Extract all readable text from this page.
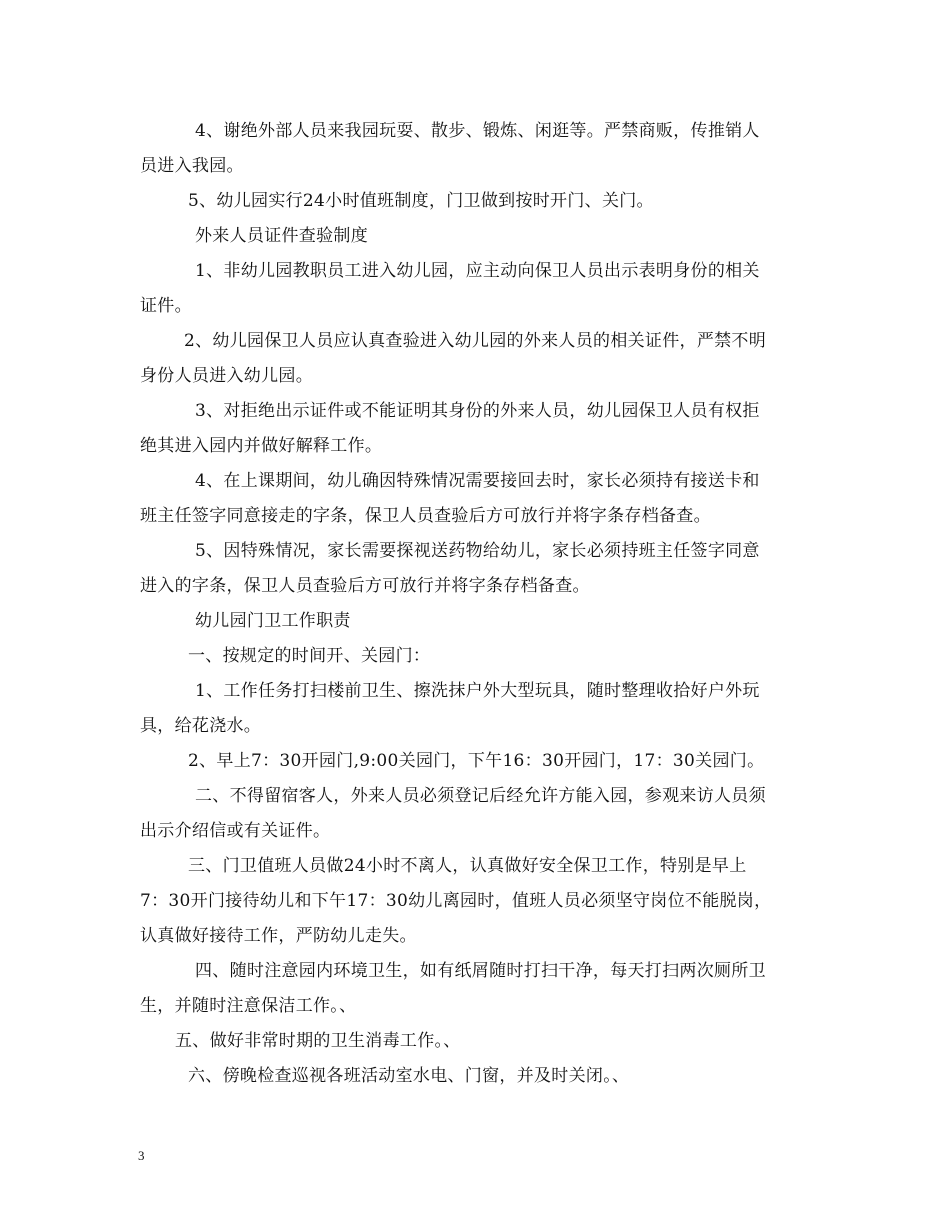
4、谢绝外部人员来我园玩耍、散步、锻炼、闲逛等。严禁商贩，传推销人
员进入我园。
5、幼儿园实行24小时值班制度，门卫做到按时开门、关门。
外来人员证件查验制度
1、非幼儿园教职员工进入幼儿园，应主动向保卫人员出示表明身份的相关
证件。
2、幼儿园保卫人员应认真查验进入幼儿园的外来人员的相关证件，严禁不明
身份人员进入幼儿园。
3、对拒绝出示证件或不能证明其身份的外来人员，幼儿园保卫人员有权拒
绝其进入园内并做好解释工作。
4、在上课期间，幼儿确因特殊情况需要接回去时，家长必须持有接送卡和
班主任签字同意接走的字条，保卫人员查验后方可放行并将字条存档备查。
5、因特殊情况，家长需要探视送药物给幼儿，家长必须持班主任签字同意
进入的字条，保卫人员查验后方可放行并将字条存档备查。
幼儿园门卫工作职责
一、按规定的时间开、关园门：
1、工作任务打扫楼前卫生、擦洗抹户外大型玩具，随时整理收拾好户外玩
具，给花浇水。
2、早上7：30开园门,9:00关园门，下午16：30开园门，17：30关园门。
二、不得留宿客人，外来人员必须登记后经允许方能入园，参观来访人员须
出示介绍信或有关证件。
三、门卫值班人员做24小时不离人，认真做好安全保卫工作，特别是早上
7：30开门接待幼儿和下午17：30幼儿离园时，值班人员必须坚守岗位不能脱岗，
认真做好接待工作，严防幼儿走失。
四、随时注意园内环境卫生，如有纸屑随时打扫干净，每天打扫两次厕所卫
生，并随时注意保洁工作。、
五、做好非常时期的卫生消毒工作。、
六、傍晚检查巡视各班活动室水电、门窗，并及时关闭。、
3
